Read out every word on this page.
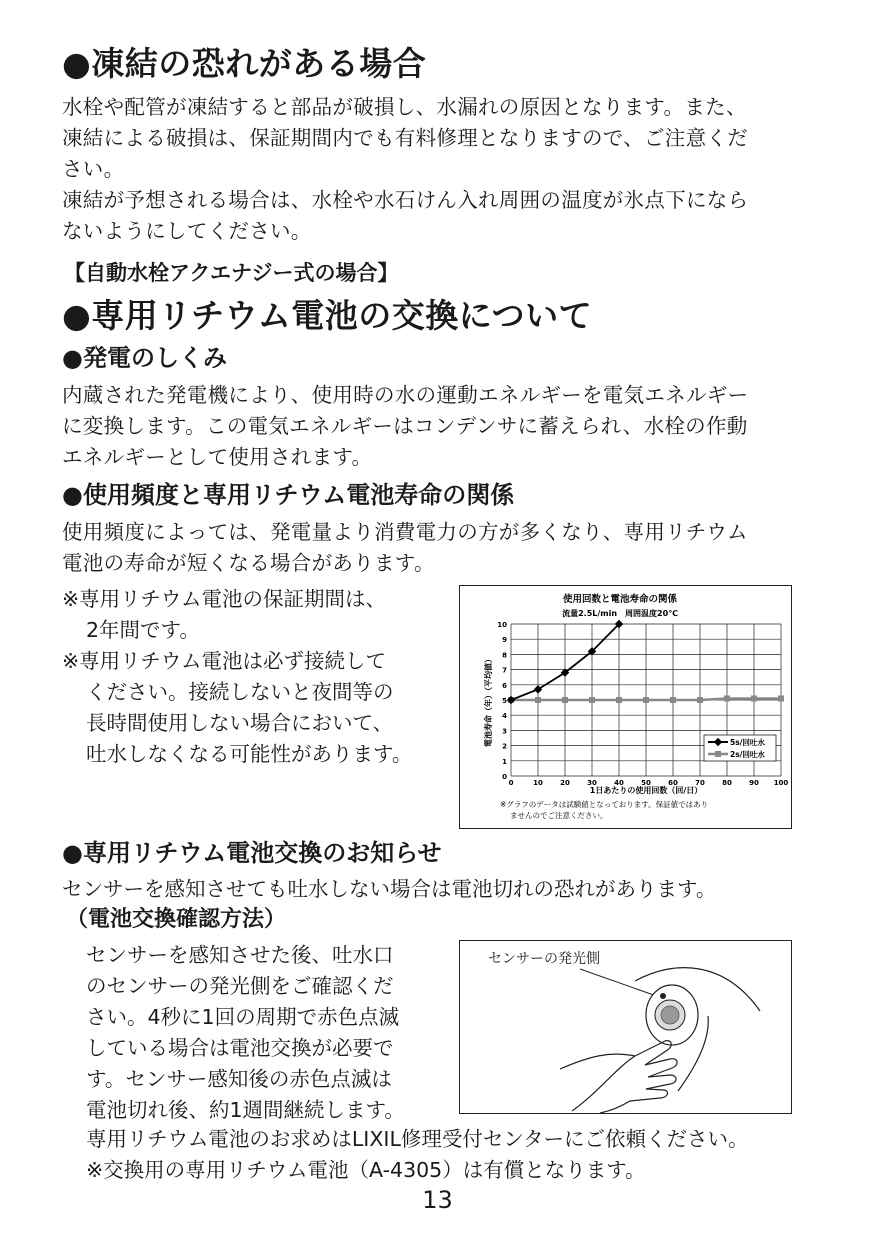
●凍結の恐れがある場合
水栓や配管が凍結すると部品が破損し、水漏れの原因となります。また、
凍結による破損は、保証期間内でも有料修理となりますので、ご注意くだ
さい。
凍結が予想される場合は、水栓や水石けん入れ周囲の温度が氷点下になら
ないようにしてください。
【自動水栓アクエナジー式の場合】
●専用リチウム電池の交換について
●発電のしくみ
内蔵された発電機により、使用時の水の運動エネルギーを電気エネルギー
に変換します。この電気エネルギーはコンデンサに蓄えられ、水栓の作動
エネルギーとして使用されます。
●使用頻度と専用リチウム電池寿命の関係
使用頻度によっては、発電量より消費電力の方が多くなり、専用リチウム
電池の寿命が短くなる場合があります。
※専用リチウム電池の保証期間は、
2年間です。
※専用リチウム電池は必ず接続して
ください。接続しないと夜間等の
長時間使用しない場合において、
吐水しなくなる可能性があります。
使用回数と電池寿命の関係
流量2.5L/min　周囲温度20℃
0	10 20 30 40 50 60 70 80 90 100
0
1
2
3
4
5
6
7
8
9
10
1日あたりの使用回数（回/日）
電池寿命（年）（平均値）	5s/回吐水
2s/回吐水
※グラフのデータは試験値となっております。保証値ではあり
ませんのでご注意ください。
●専用リチウム電池交換のお知らせ
センサーを感知させても吐水しない場合は電池切れの恐れがあります。
（電池交換確認方法）
センサーを感知させた後、吐水口
のセンサーの発光側をご確認くだ
さい。4秒に1回の周期で赤色点滅
している場合は電池交換が必要で
す。センサー感知後の赤色点滅は
電池切れ後、約1週間継続します。
センサーの発光側
専用リチウム電池のお求めはLIXIL修理受付センターにご依頼ください。
※交換用の専用リチウム電池（A-4305）は有償となります。
13
